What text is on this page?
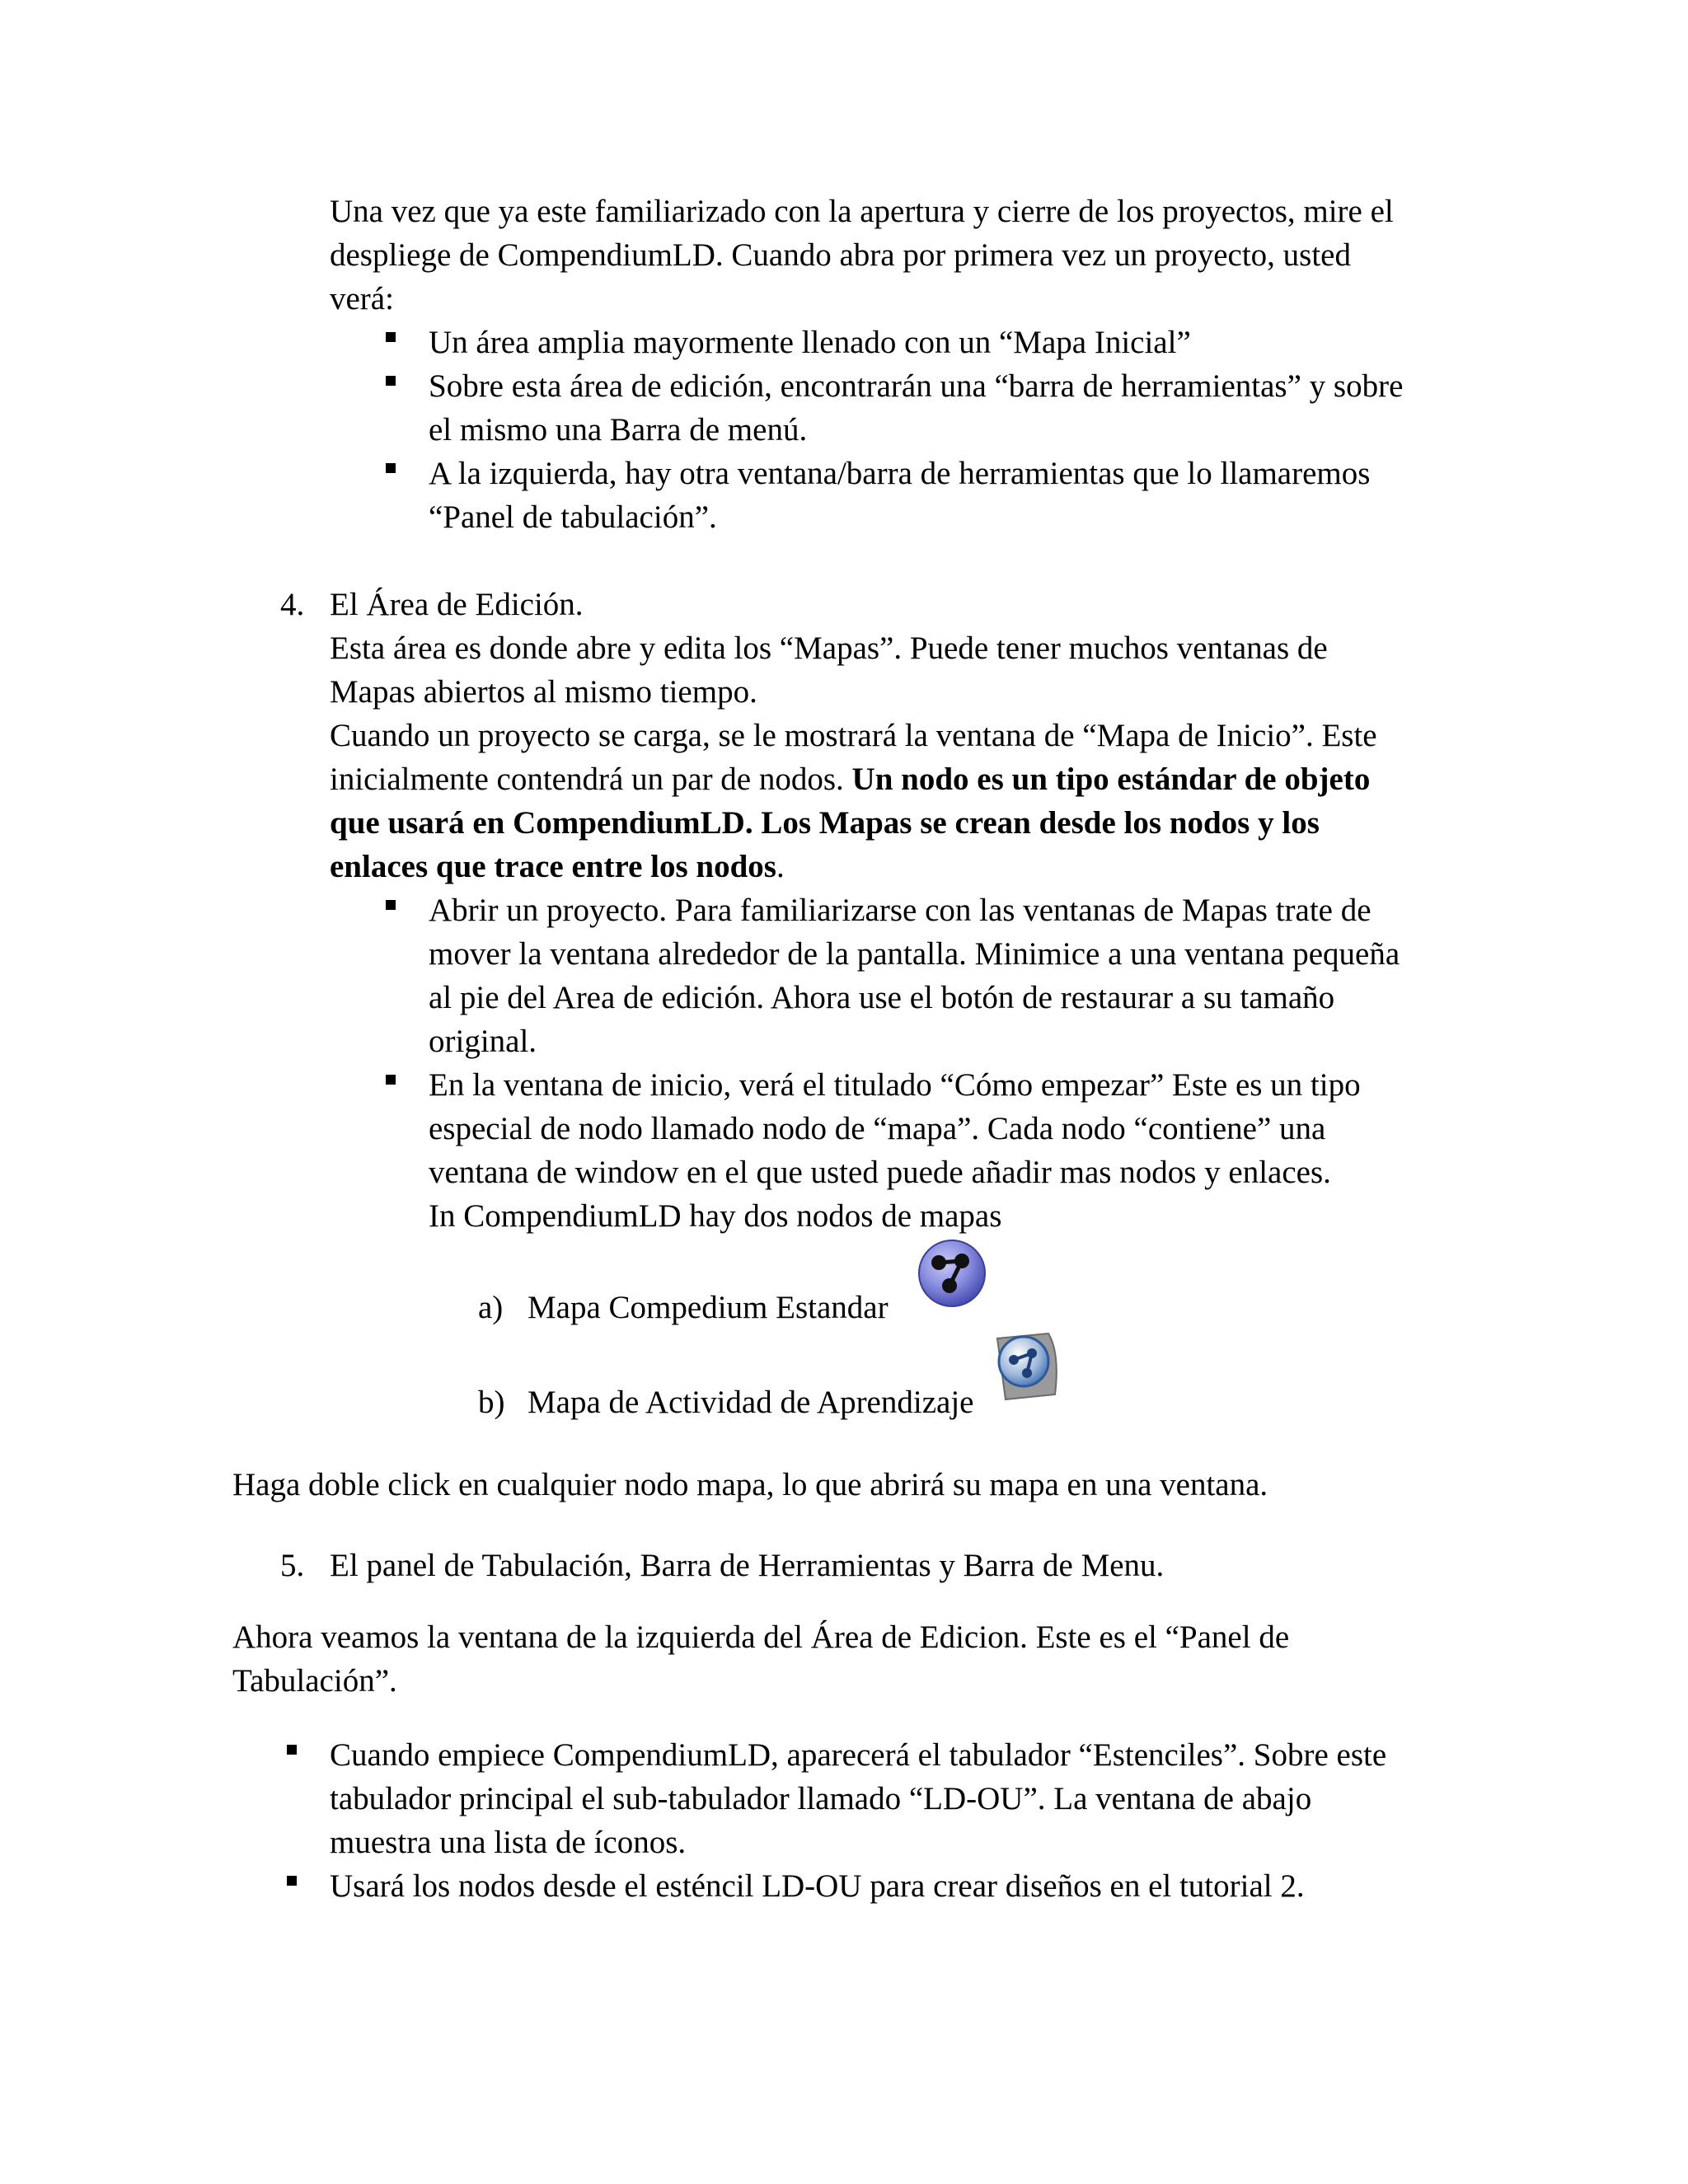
Una vez que ya este familiarizado con la apertura y cierre de los proyectos, mire el

despliege de CompendiumLD. Cuando abra por primera vez un proyecto, usted

verá:

Un área amplia mayormente llenado con un “Mapa Inicial”

Sobre esta área de edición, encontrarán una “barra de herramientas” y sobre

el mismo una Barra de menú.

A la izquierda, hay otra ventana/barra de herramientas que lo llamaremos

“Panel de tabulación”.

4. El Área de Edición.

Esta área es donde abre y edita los “Mapas”. Puede tener muchos ventanas de

Mapas abiertos al mismo tiempo.

Cuando un proyecto se carga, se le mostrará la ventana de “Mapa de Inicio”. Este

inicialmente contendrá un par de nodos. Un nodo es un tipo estándar de objeto

que usará en CompendiumLD. Los Mapas se crean desde los nodos y los

enlaces que trace entre los nodos.

Abrir un proyecto. Para familiarizarse con las ventanas de Mapas trate de

mover la ventana alrededor de la pantalla. Minimice a una ventana pequeña

al pie del Area de edición. Ahora use el botón de restaurar a su tamaño

original.

En la ventana de inicio, verá el titulado “Cómo empezar” Este es un tipo

especial de nodo llamado nodo de “mapa”. Cada nodo “contiene” una

ventana de window en el que usted puede añadir mas nodos y enlaces.

In CompendiumLD hay dos nodos de mapas

a) Mapa Compedium Estandar

b) Mapa de Actividad de Aprendizaje

Haga doble click en cualquier nodo mapa, lo que abrirá su mapa en una ventana.

5. El panel de Tabulación, Barra de Herramientas y Barra de Menu.

Ahora veamos la ventana de la izquierda del Área de Edicion. Este es el “Panel de

Tabulación”.

Cuando empiece CompendiumLD, aparecerá el tabulador “Estenciles”. Sobre este

tabulador principal el sub-tabulador llamado “LD-OU”. La ventana de abajo

muestra una lista de íconos.

Usará los nodos desde el esténcil LD-OU para crear diseños en el tutorial 2.
